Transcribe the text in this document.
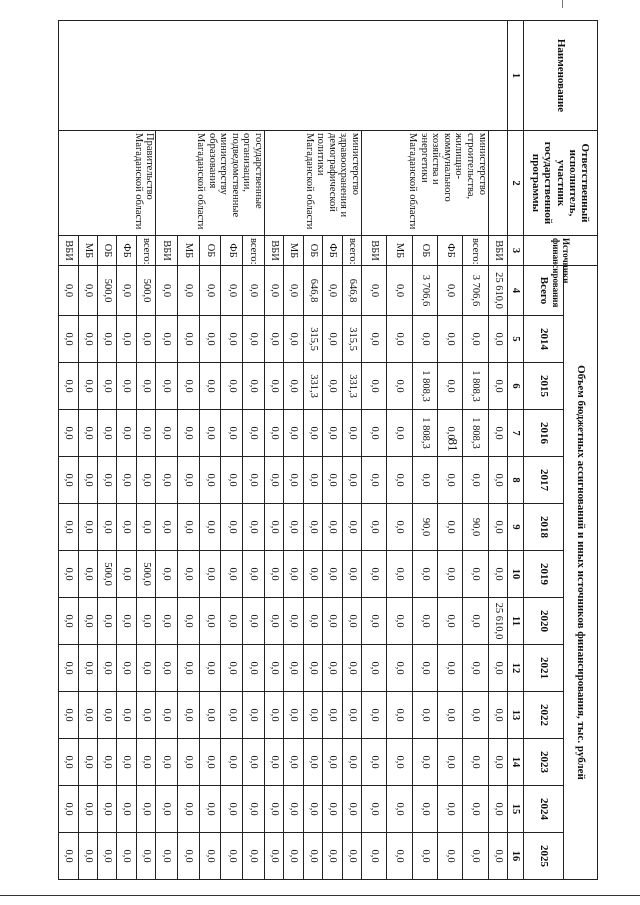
81
Наименование	Ответственный исполнитель, участник государственной программы	Источники финансирования	Объем бюджетных ассигнований и иных источников финансирования, тыс. рублей												
			Всего	2014	2015	2016	2017	2018	2019	2020	2021	2022	2023	2024	2025
1	2	3	4	5	6	7	8	9	10	11	12	13	14	15	16
		ВБИ	25 610,0	0,0	0,0	0,0	0,0	0,0	0,0	25 610,0	0,0	0,0	0,0	0,0	0,0
	министерство строительства, жилищно-коммунального хозяйства и энергетики Магаданской области	всего:	3 706,6	0,0	1 808,3	1 808,3	0,0	90,0	0,0	0,0	0,0	0,0	0,0	0,0	0,0
		ФБ	0,0	0,0	0,0	0,0	0,0	0,0	0,0	0,0	0,0	0,0	0,0	0,0	0,0
		ОБ	3 706,6	0,0	1 808,3	1 808,3	0,0	90,0	0,0	0,0	0,0	0,0	0,0	0,0	0,0
		МБ	0,0	0,0	0,0	0,0	0,0	0,0	0,0	0,0	0,0	0,0	0,0	0,0	0,0
		ВБИ	0,0	0,0	0,0	0,0	0,0	0,0	0,0	0,0	0,0	0,0	0,0	0,0	0,0
	министерство здравоохранения и демографической политики Магаданской области	всего:	646,8	315,5	331,3	0,0	0,0	0,0	0,0	0,0	0,0	0,0	0,0	0,0	0,0
		ФБ	0,0	0,0	0,0	0,0	0,0	0,0	0,0	0,0	0,0	0,0	0,0	0,0	0,0
		ОБ	646,8	315,5	331,3	0,0	0,0	0,0	0,0	0,0	0,0	0,0	0,0	0,0	0,0
		МБ	0,0	0,0	0,0	0,0	0,0	0,0	0,0	0,0	0,0	0,0	0,0	0,0	0,0
		ВБИ	0,0	0,0	0,0	0,0	0,0	0,0	0,0	0,0	0,0	0,0	0,0	0,0	0,0
	государственные организации, подведомственные министерству образования Магаданской области	всего:	0,0	0,0	0,0	0,0	0,0	0,0	0,0	0,0	0,0	0,0	0,0	0,0	0,0
		ФБ	0,0	0,0	0,0	0,0	0,0	0,0	0,0	0,0	0,0	0,0	0,0	0,0	0,0
		ОБ	0,0	0,0	0,0	0,0	0,0	0,0	0,0	0,0	0,0	0,0	0,0	0,0	0,0
		МБ	0,0	0,0	0,0	0,0	0,0	0,0	0,0	0,0	0,0	0,0	0,0	0,0	0,0
		ВБИ	0,0	0,0	0,0	0,0	0,0	0,0	0,0	0,0	0,0	0,0	0,0	0,0	0,0
	Правительство Магаданской области	всего:	500,0	0,0	0,0	0,0	0,0	0,0	500,0	0,0	0,0	0,0	0,0	0,0	0,0
		ФБ	0,0	0,0	0,0	0,0	0,0	0,0	0,0	0,0	0,0	0,0	0,0	0,0	0,0
		ОБ	500,0	0,0	0,0	0,0	0,0	0,0	500,0	0,0	0,0	0,0	0,0	0,0	0,0
		МБ	0,0	0,0	0,0	0,0	0,0	0,0	0,0	0,0	0,0	0,0	0,0	0,0	0,0
		ВБИ	0,0	0,0	0,0	0,0	0,0	0,0	0,0	0,0	0,0	0,0	0,0	0,0	0,0
